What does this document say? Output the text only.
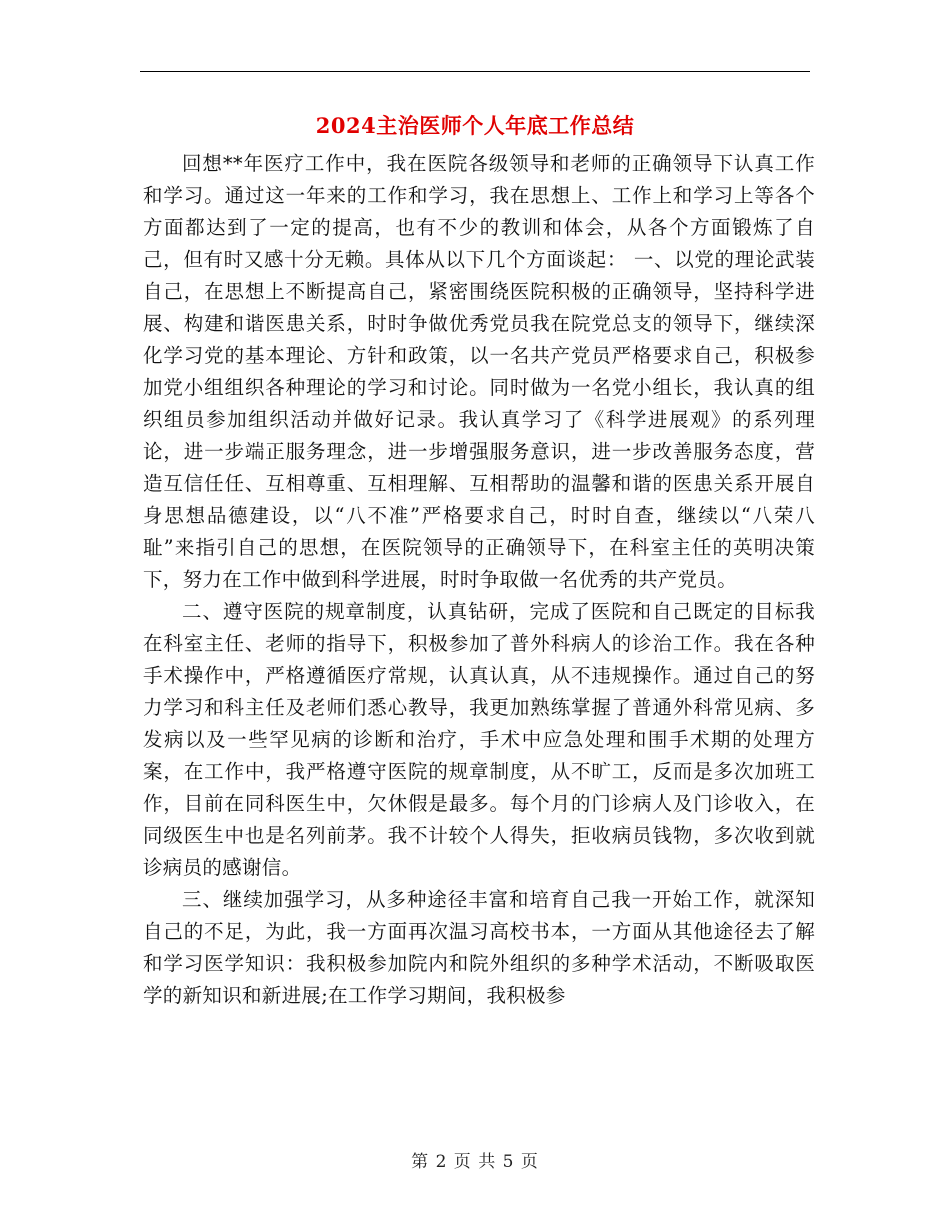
2024主治医师个人年底工作总结

回想**年医疗工作中，我在医院各级领导和老师的正确领导下认真工作和学习。通过这一年来的工作和学习，我在思想上、工作上和学习上等各个方面都达到了一定的提高，也有不少的教训和体会，从各个方面锻炼了自己，但有时又感十分无赖。具体从以下几个方面谈起： 一、以党的理论武装自己，在思想上不断提高自己，紧密围绕医院积极的正确领导，坚持科学进展、构建和谐医患关系，时时争做优秀党员我在院党总支的领导下，继续深化学习党的基本理论、方针和政策，以一名共产党员严格要求自己，积极参加党小组组织各种理论的学习和讨论。同时做为一名党小组长，我认真的组织组员参加组织活动并做好记录。我认真学习了《科学进展观》的系列理论，进一步端正服务理念，进一步增强服务意识，进一步改善服务态度，营造互信任任、互相尊重、互相理解、互相帮助的温馨和谐的医患关系开展自身思想品德建设，以“八不准”严格要求自己，时时自查，继续以“八荣八耻”来指引自己的思想，在医院领导的正确领导下，在科室主任的英明决策下，努力在工作中做到科学进展，时时争取做一名优秀的共产党员。

二、遵守医院的规章制度，认真钻研，完成了医院和自己既定的目标我在科室主任、老师的指导下，积极参加了普外科病人的诊治工作。我在各种手术操作中，严格遵循医疗常规，认真认真，从不违规操作。通过自己的努力学习和科主任及老师们悉心教导，我更加熟练掌握了普通外科常见病、多发病以及一些罕见病的诊断和治疗，手术中应急处理和围手术期的处理方案，在工作中，我严格遵守医院的规章制度，从不旷工，反而是多次加班工作，目前在同科医生中，欠休假是最多。每个月的门诊病人及门诊收入，在同级医生中也是名列前茅。我不计较个人得失，拒收病员钱物，多次收到就诊病员的感谢信。

三、继续加强学习，从多种途径丰富和培育自己我一开始工作，就深知自己的不足，为此，我一方面再次温习高校书本，一方面从其他途径去了解和学习医学知识：我积极参加院内和院外组织的多种学术活动，不断吸取医学的新知识和新进展;在工作学习期间，我积极参

第 2 页 共 5 页
